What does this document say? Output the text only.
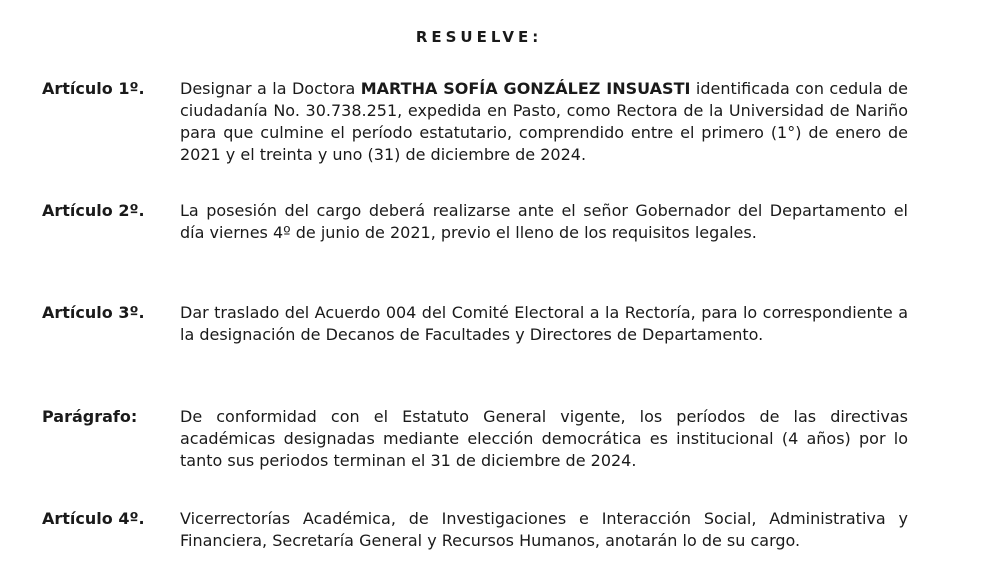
RESUELVE:
Artículo 1º. Designar a la Doctora MARTHA SOFÍA GONZÁLEZ INSUASTI identificada con cedula de ciudadanía No. 30.738.251, expedida en Pasto, como Rectora de la Universidad de Nariño para que culmine el período estatutario, comprendido entre el primero (1°) de enero de 2021 y el treinta y uno (31) de diciembre de 2024.
Artículo 2º. La posesión del cargo deberá realizarse ante el señor Gobernador del Departamento el día viernes 4º de junio de 2021, previo el lleno de los requisitos legales.
Artículo 3º. Dar traslado del Acuerdo 004 del Comité Electoral a la Rectoría, para lo correspondiente a la designación de Decanos de Facultades y Directores de Departamento.
Parágrafo:	De conformidad con el Estatuto General vigente, los períodos de las directivas académicas designadas mediante elección democrática es institucional (4 años) por lo tanto sus periodos terminan el 31 de diciembre de 2024.
Artículo 4º. Vicerrectorías Académica, de Investigaciones e Interacción Social, Administrativa y Financiera, Secretaría General y Recursos Humanos, anotarán lo de su cargo.
